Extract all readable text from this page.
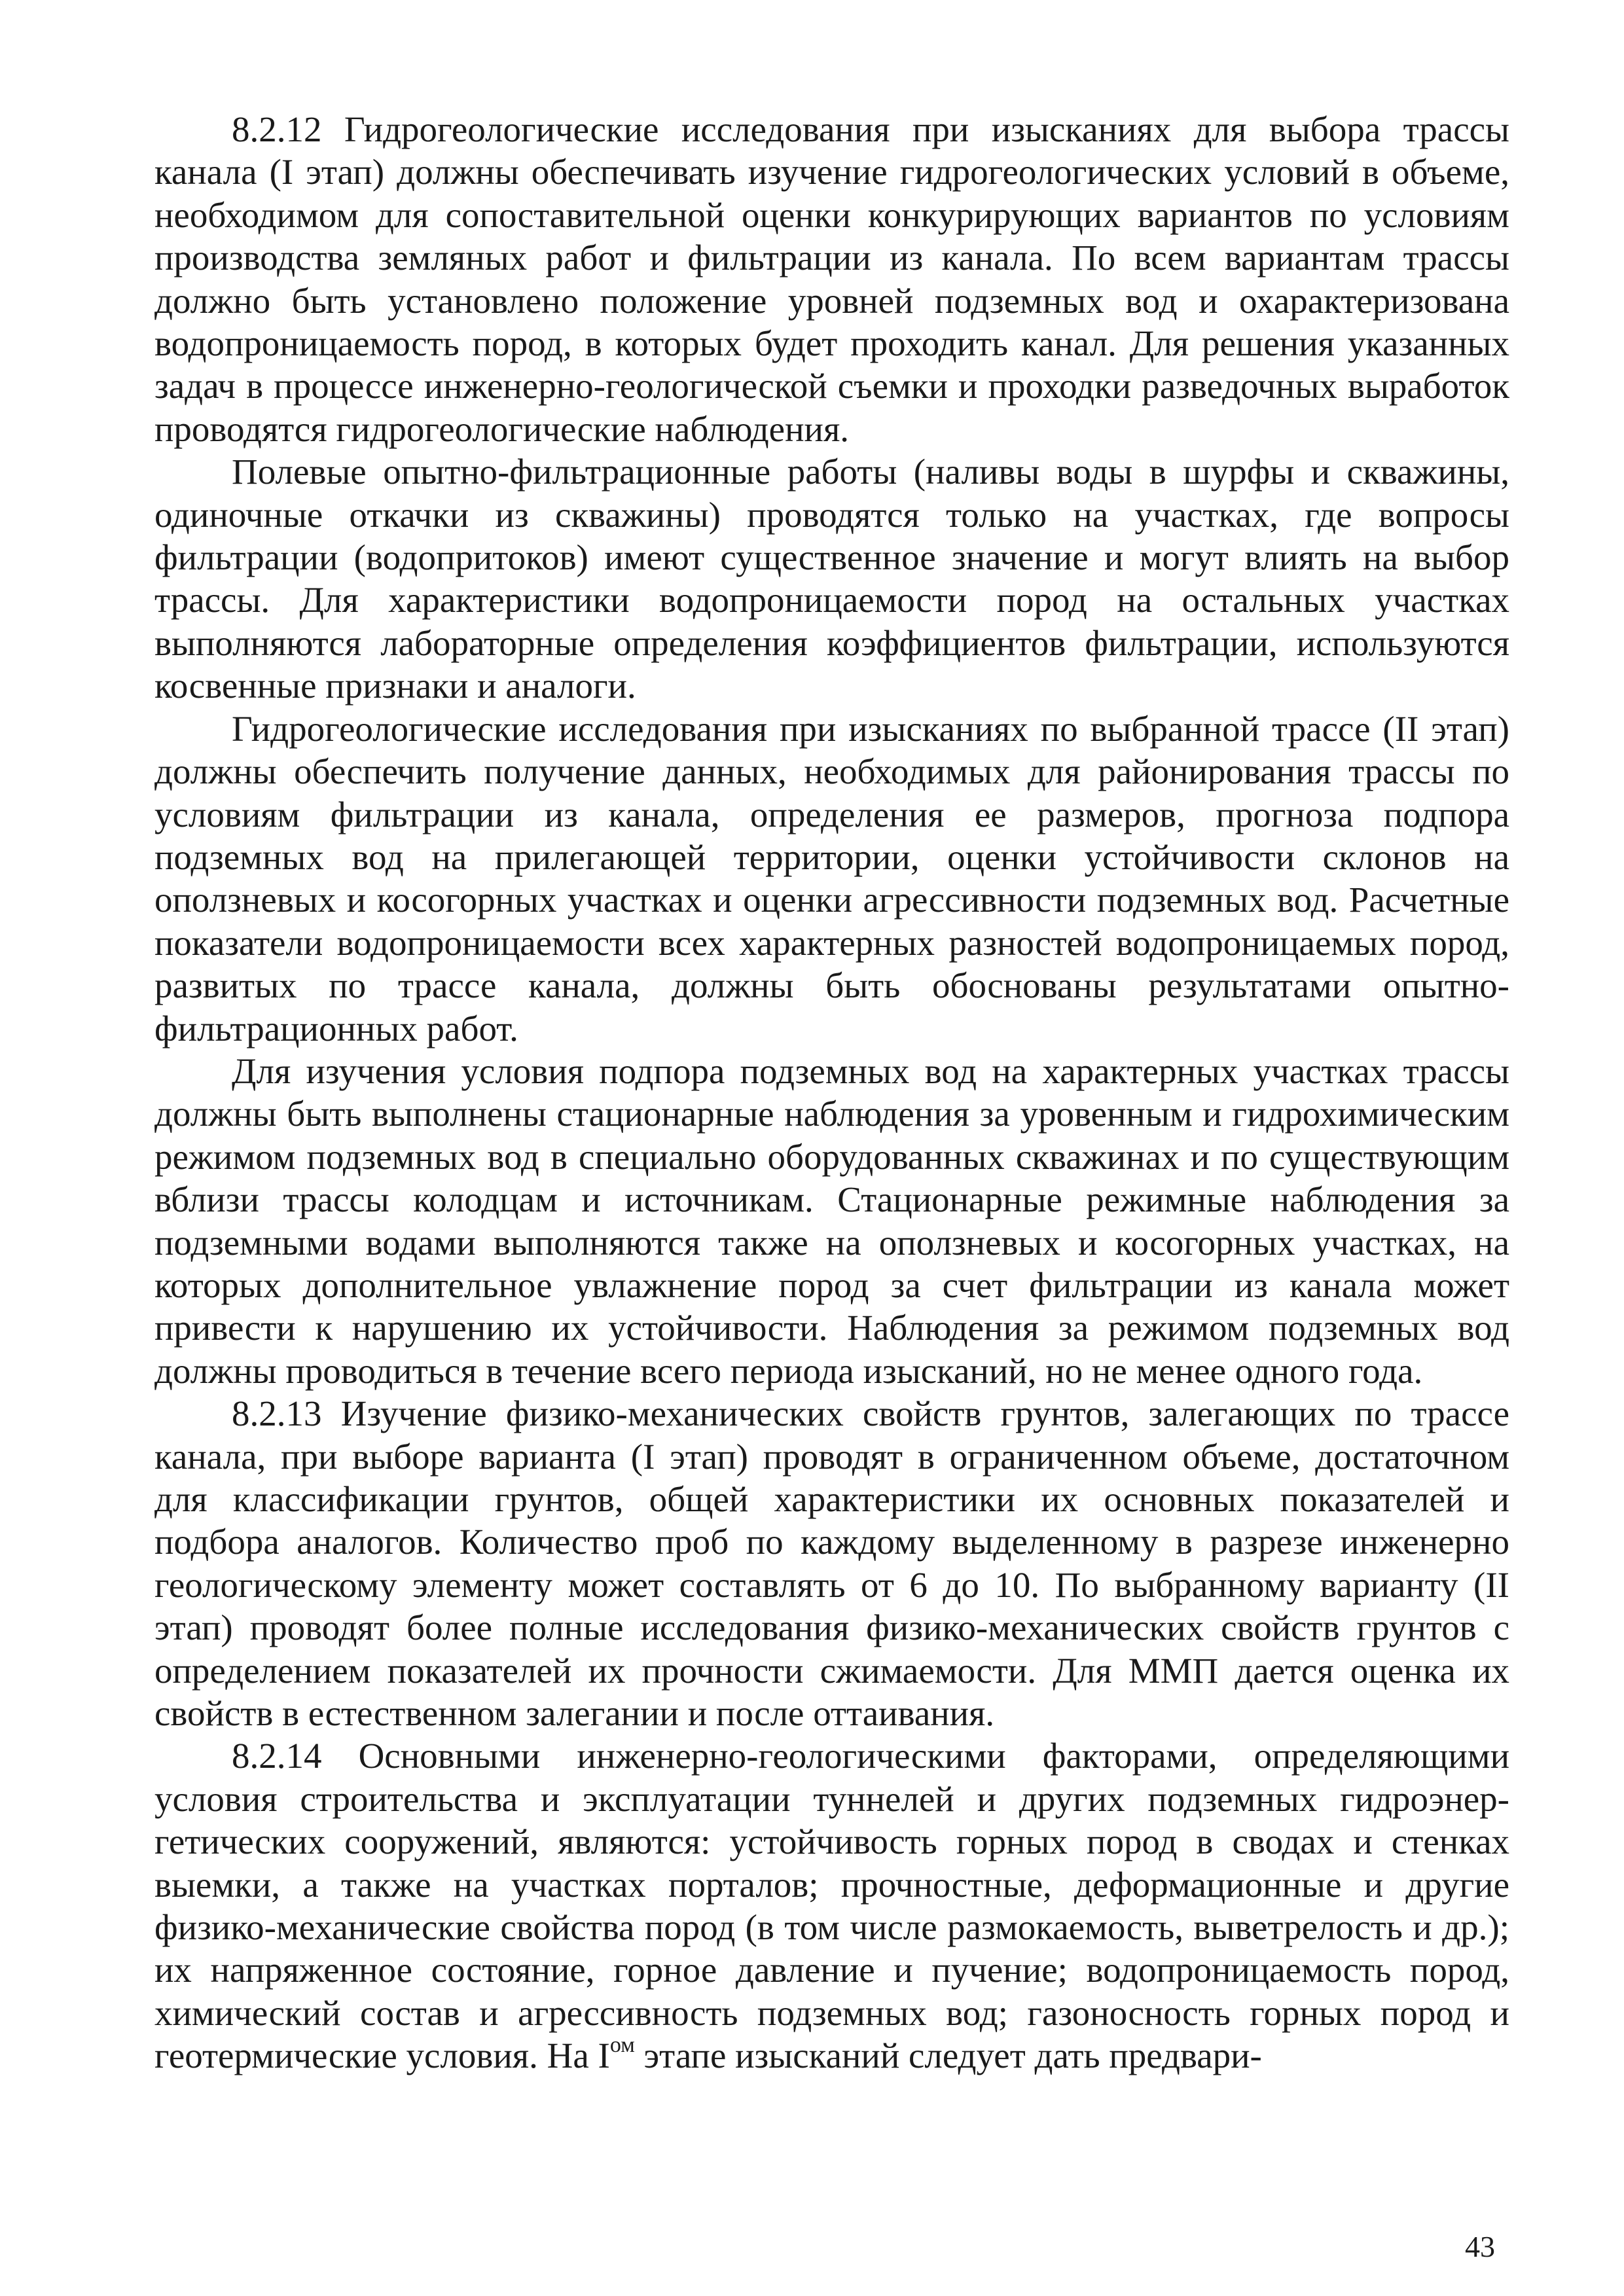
8.2.12 Гидрогеологические исследования при изысканиях для выбора трассы канала (I этап) должны обеспечивать изучение гидрогеологических условий в объеме, необходимом для сопоставительной оценки конкурирующих вариантов по условиям производства земляных работ и фильтрации из канала. По всем вариантам трассы должно быть установлено положение уровней подземных вод и охарактеризована водопроницаемость пород, в которых будет проходить канал. Для решения указанных задач в процессе инженерно-геологической съемки и проходки разведочных выработок проводятся гидрогеологические наблюдения.

Полевые опытно-фильтрационные работы (наливы воды в шурфы и скважины, одиночные откачки из скважины) проводятся только на участках, где вопросы фильтрации (водопритоков) имеют существенное значение и могут влиять на выбор трассы. Для характеристики водопроницаемости пород на остальных участках выполняются лабораторные определения коэффициентов фильтрации, используются косвенные признаки и аналоги.

Гидрогеологические исследования при изысканиях по выбранной трассе (II этап) должны обеспечить получение данных, необходимых для районирования трассы по условиям фильтрации из канала, определения ее размеров, прогноза подпора подземных вод на прилегающей территории, оценки устойчивости склонов на оползневых и косогорных участках и оценки агрессивности подземных вод. Расчетные показатели водопроницаемости всех характерных разностей водопроницаемых пород, развитых по трассе канала, должны быть обоснованы результатами опытно-фильтрационных работ.

Для изучения условия подпора подземных вод на характерных участках трассы должны быть выполнены стационарные наблюдения за уровенным и гидрохимическим режимом подземных вод в специально оборудованных скважинах и по существующим вблизи трассы колодцам и источникам. Стационарные режимные наблюдения за подземными водами выполняются также на оползневых и косогорных участках, на которых дополнительное увлажнение пород за счет фильтрации из канала может привести к нарушению их устойчивости. Наблюдения за режимом подземных вод должны проводиться в течение всего периода изысканий, но не менее одного года.

8.2.13 Изучение физико-механических свойств грунтов, залегающих по трассе канала, при выборе варианта (I этап) проводят в ограниченном объеме, достаточном для классификации грунтов, общей характеристики их основных показателей и подбора аналогов. Количество проб по каждому выделенному в разрезе инженерно геологическому элементу может составлять от 6 до 10. По выбранному варианту (II этап) проводят более полные исследования физико-механических свойств грунтов с определением показателей их прочности сжимаемости. Для ММП дается оценка их свойств в естественном залегании и после оттаивания.

8.2.14 Основными инженерно-геологическими факторами, определяющими условия строительства и эксплуатации туннелей и других подземных гидроэнергетических сооружений, являются: устойчивость горных пород в сводах и стенках выемки, а также на участках порталов; прочностные, деформационные и другие физико-механические свойства пород (в том числе размокаемость, выветрелость и др.); их напряженное состояние, горное давление и пучение; водопроницаемость пород, химический состав и агрессивность подземных вод; газоносность горных пород и геотермические условия. На $I^{ом}$ этапе изысканий следует дать предвари-

43
